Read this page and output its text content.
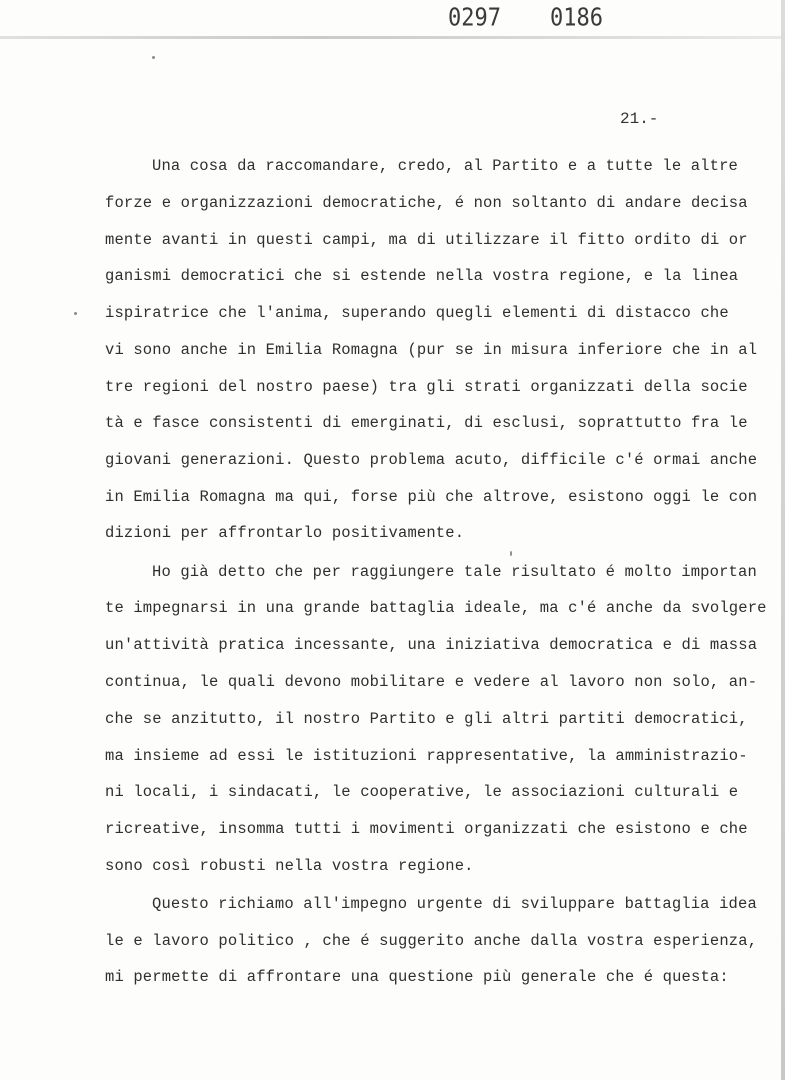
0297 0186
21.-
Una cosa da raccomandare, credo, al Partito e a tutte le altre
forze e organizzazioni democratiche, é non soltanto di andare decisa
mente avanti in questi campi, ma di utilizzare il fitto ordito di or
ganismi democratici che si estende nella vostra regione, e la linea
ispiratrice che l'anima, superando quegli elementi di distacco che
vi sono anche in Emilia Romagna (pur se in misura inferiore che in al
tre regioni del nostro paese) tra gli strati organizzati della socie
tà e fasce consistenti di emerginati, di esclusi, soprattutto fra le
giovani generazioni. Questo problema acuto, difficile c'é ormai anche
in Emilia Romagna ma qui, forse più che altrove, esistono oggi le con
dizioni per affrontarlo positivamente.
Ho già detto che per raggiungere tale risultato é molto importan
te impegnarsi in una grande battaglia ideale, ma c'é anche da svolgere
un'attività pratica incessante, una iniziativa democratica e di massa
continua, le quali devono mobilitare e vedere al lavoro non solo, an-
che se anzitutto, il nostro Partito e gli altri partiti democratici,
ma insieme ad essi le istituzioni rappresentative, la amministrazio-
ni locali, i sindacati, le cooperative, le associazioni culturali e
ricreative, insomma tutti i movimenti organizzati che esistono e che
sono così robusti nella vostra regione.
Questo richiamo all'impegno urgente di sviluppare battaglia idea
le e lavoro politico , che é suggerito anche dalla vostra esperienza,
mi permette di affrontare una questione più generale che é questa:
